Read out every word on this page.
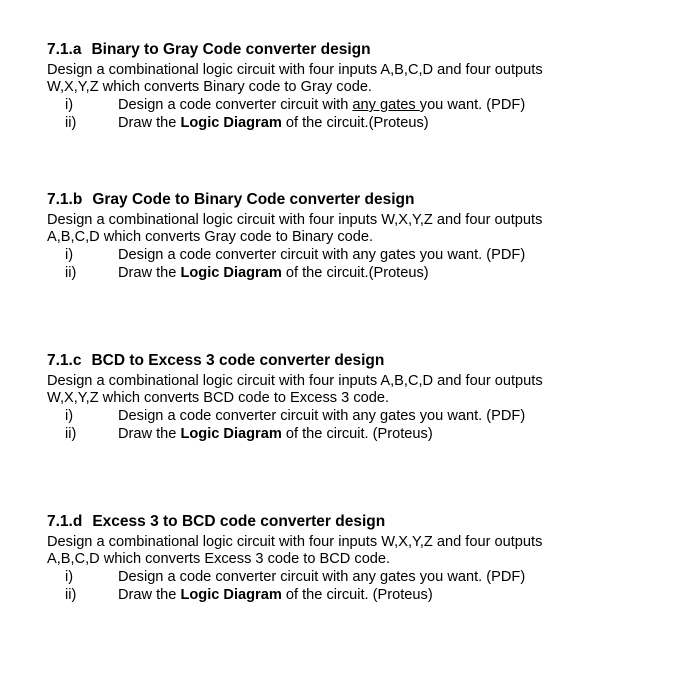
7.1.a Binary to Gray Code converter design
Design a combinational logic circuit with four inputs A,B,C,D and four outputs
W,X,Y,Z which converts Binary code to Gray code.
i)	Design a code converter circuit with any gates you want. (PDF)
ii)	Draw the Logic Diagram of the circuit.(Proteus)
7.1.b Gray Code to Binary Code converter design
Design a combinational logic circuit with four inputs W,X,Y,Z and four outputs
A,B,C,D which converts Gray code to Binary code.
i)	Design a code converter circuit with any gates you want. (PDF)
ii)	Draw the Logic Diagram of the circuit.(Proteus)
7.1.c BCD to Excess 3 code converter design
Design a combinational logic circuit with four inputs A,B,C,D and four outputs
W,X,Y,Z which converts BCD code to Excess 3 code.
i)	Design a code converter circuit with any gates you want. (PDF)
ii)	Draw the Logic Diagram of the circuit. (Proteus)
7.1.d Excess 3 to BCD code converter design
Design a combinational logic circuit with four inputs W,X,Y,Z and four outputs
A,B,C,D which converts Excess 3 code to BCD code.
i)	Design a code converter circuit with any gates you want. (PDF)
ii)	Draw the Logic Diagram of the circuit. (Proteus)
